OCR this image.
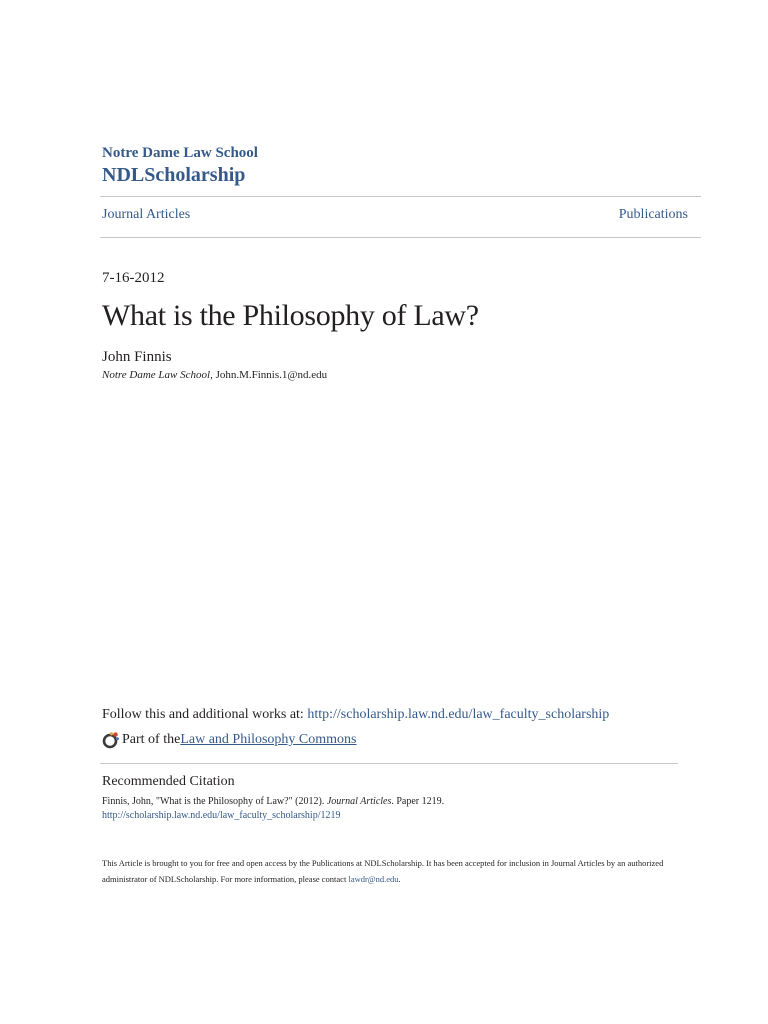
Notre Dame Law School
NDLScholarship
Journal Articles	Publications
7-16-2012
What is the Philosophy of Law?
John Finnis
Notre Dame Law School, John.M.Finnis.1@nd.edu
Follow this and additional works at: http://scholarship.law.nd.edu/law_faculty_scholarship
Part of the Law and Philosophy Commons
Recommended Citation
Finnis, John, "What is the Philosophy of Law?" (2012). Journal Articles. Paper 1219.
http://scholarship.law.nd.edu/law_faculty_scholarship/1219
This Article is brought to you for free and open access by the Publications at NDLScholarship. It has been accepted for inclusion in Journal Articles by an authorized administrator of NDLScholarship. For more information, please contact lawdr@nd.edu.
